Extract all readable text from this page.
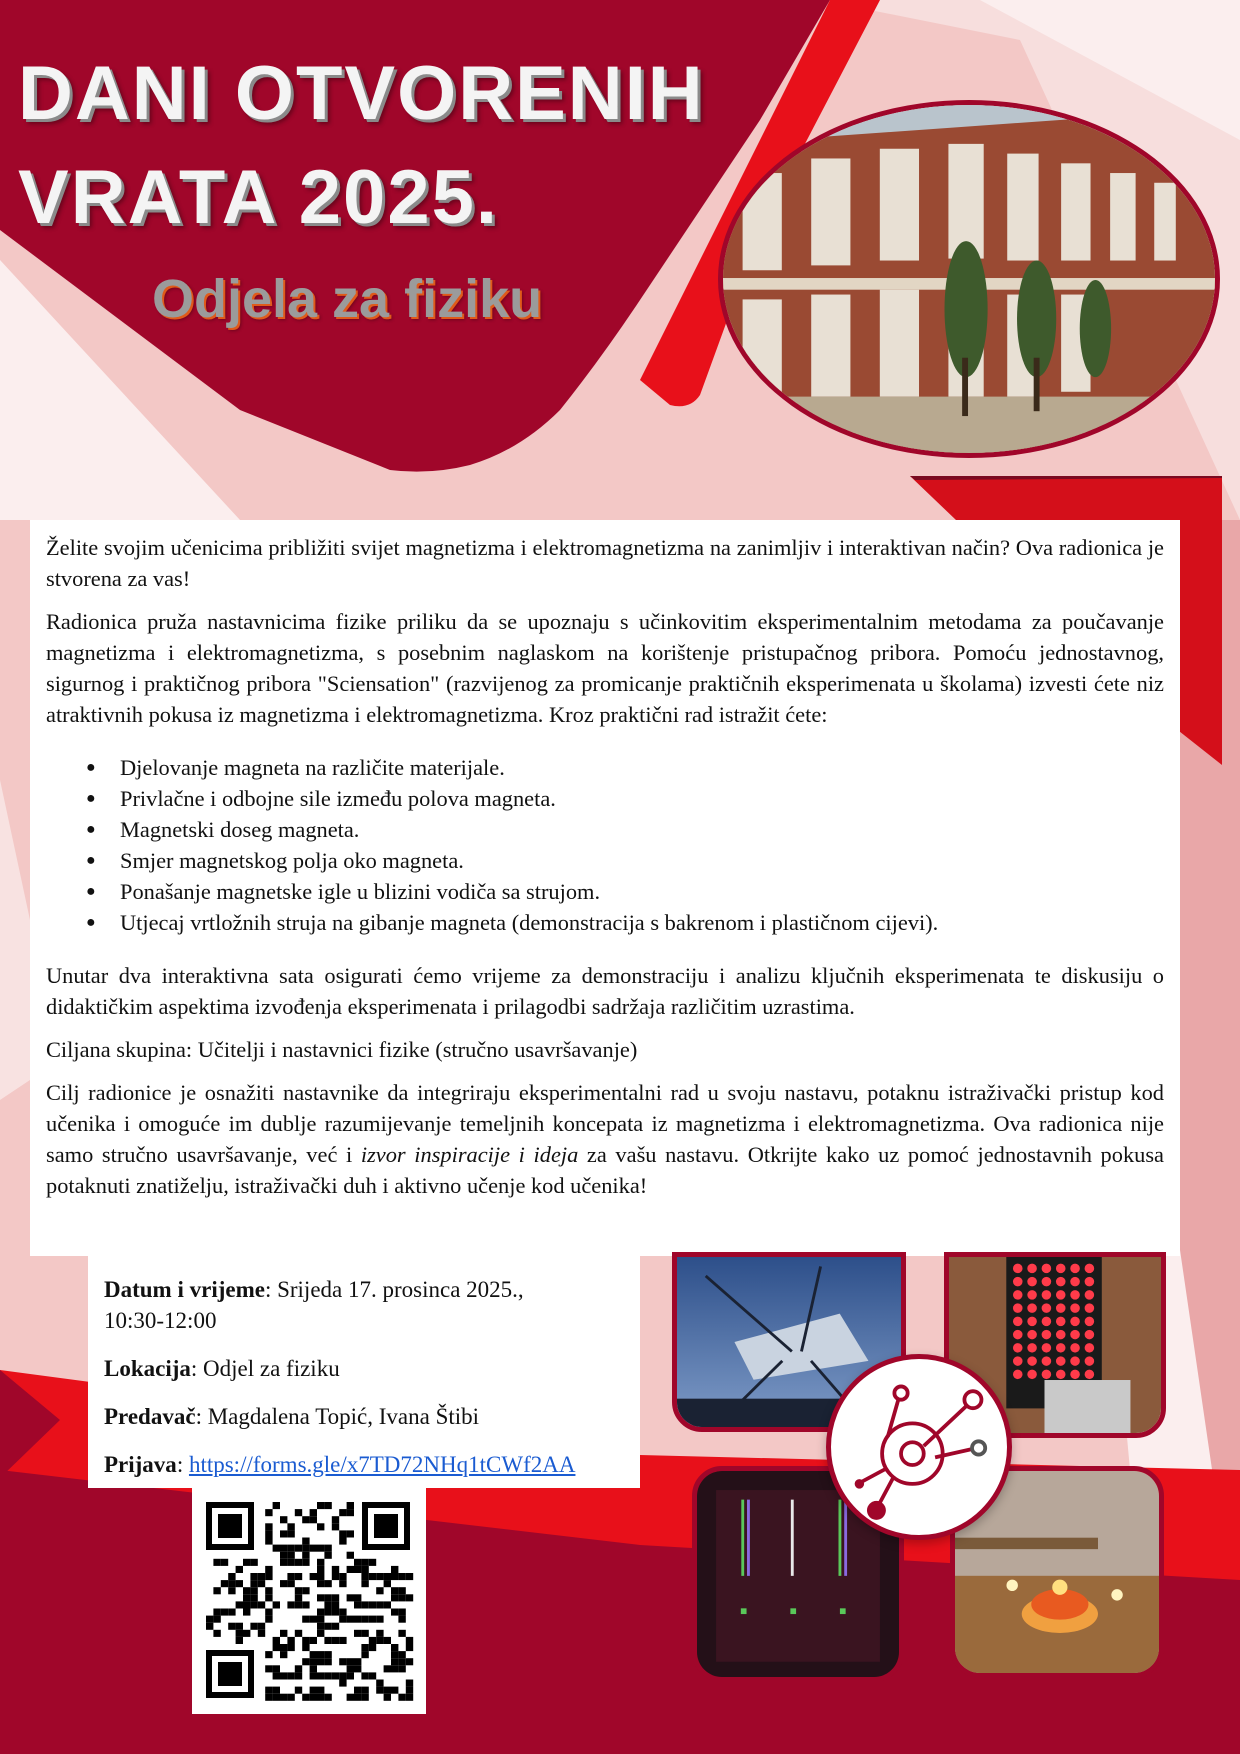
DANI OTVORENIH
VRATA 2025.
Odjela za fiziku

Želite svojim učenicima približiti svijet magnetizma i elektromagnetizma na zanimljiv i interaktivan način? Ova radionica je stvorena za vas!

Radionica pruža nastavnicima fizike priliku da se upoznaju s učinkovitim eksperimentalnim metodama za poučavanje magnetizma i elektromagnetizma, s posebnim naglaskom na korištenje pristupačnog pribora. Pomoću jednostavnog, sigurnog i praktičnog pribora "Sciensation" (razvijenog za promicanje praktičnih eksperimenata u školama) izvesti ćete niz atraktivnih pokusa iz magnetizma i elektromagnetizma. Kroz praktični rad istražit ćete:

● Djelovanje magneta na različite materijale.
● Privlačne i odbojne sile između polova magneta.
● Magnetski doseg magneta.
● Smjer magnetskog polja oko magneta.
● Ponašanje magnetske igle u blizini vodiča sa strujom.
● Utjecaj vrtložnih struja na gibanje magneta (demonstracija s bakrenom i plastičnom cijevi).

Unutar dva interaktivna sata osigurati ćemo vrijeme za demonstraciju i analizu ključnih eksperimenata te diskusiju o didaktičkim aspektima izvođenja eksperimenata i prilagodbi sadržaja različitim uzrastima.

Ciljana skupina: Učitelji i nastavnici fizike (stručno usavršavanje)

Cilj radionice je osnažiti nastavnike da integriraju eksperimentalni rad u svoju nastavu, potaknu istraživački pristup kod učenika i omoguće im dublje razumijevanje temeljnih koncepata iz magnetizma i elektromagnetizma. Ova radionica nije samo stručno usavršavanje, već i izvor inspiracije i ideja za vašu nastavu. Otkrijte kako uz pomoć jednostavnih pokusa potaknuti znatiželju, istraživački duh i aktivno učenje kod učenika!

Datum i vrijeme: Srijeda 17. prosinca 2025.,
10:30-12:00
Lokacija: Odjel za fiziku
Predavač: Magdalena Topić, Ivana Štibi
Prijava: https://forms.gle/x7TD72NHq1tCWf2AA
